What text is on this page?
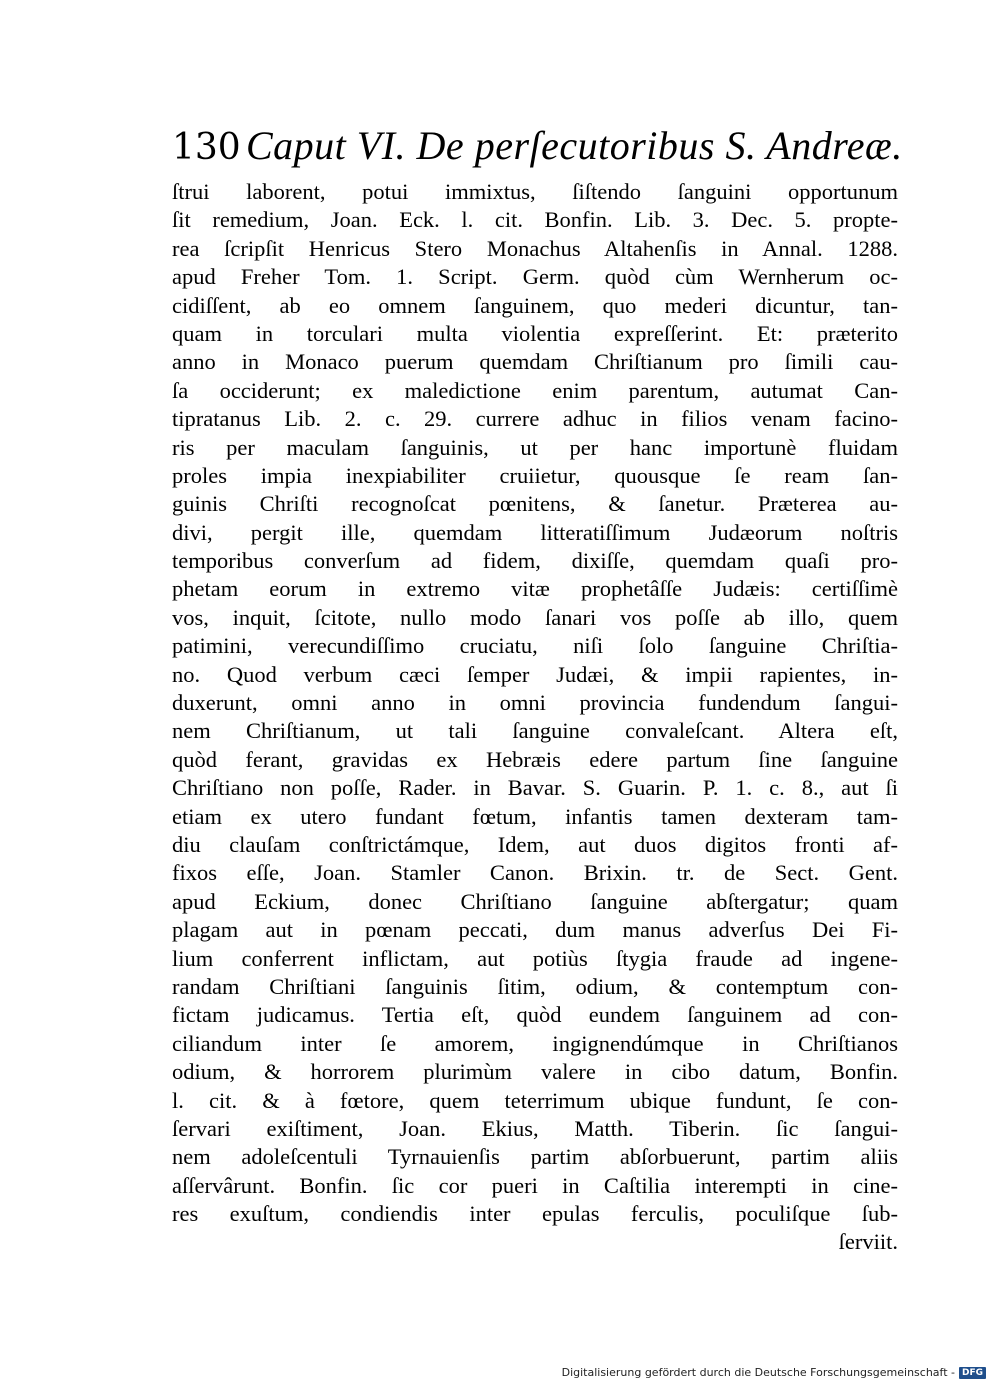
130 Caput VI. De perſecutoribus S. Andreæ.
ſtrui laborent, potui immixtus, ſiſtendo ſanguini opportunum
ſit remedium, Joan. Eck. l. cit. Bonfin. Lib. 3. Dec. 5. propte-
rea ſcripſit Henricus Stero Monachus Altahenſis in Annal. 1288.
apud Freher Tom. 1. Script. Germ. quòd cùm Wernherum oc-
cidiſſent, ab eo omnem ſanguinem, quo mederi dicuntur, tan-
quam in torculari multa violentia expreſſerint. Et: præterito
anno in Monaco puerum quemdam Chriſtianum pro ſimili cau-
ſa occiderunt; ex maledictione enim parentum, autumat Can-
tipratanus Lib. 2. c. 29. currere adhuc in filios venam facino-
ris per maculam ſanguinis, ut per hanc importunè fluidam
proles impia inexpiabiliter cruiietur, quousque ſe ream ſan-
guinis Chriſti recognoſcat pœnitens, & ſanetur. Præterea au-
divi, pergit ille, quemdam litteratiſſimum Judæorum noſtris
temporibus converſum ad fidem, dixiſſe, quemdam quaſi pro-
phetam eorum in extremo vitæ prophetâſſe Judæis: certiſſimè
vos, inquit, ſcitote, nullo modo ſanari vos poſſe ab illo, quem
patimini, verecundiſſimo cruciatu, niſi ſolo ſanguine Chriſtia-
no. Quod verbum cæci ſemper Judæi, & impii rapientes, in-
duxerunt, omni anno in omni provincia fundendum ſangui-
nem Chriſtianum, ut tali ſanguine convaleſcant. Altera eſt,
quòd ferant, gravidas ex Hebræis edere partum ſine ſanguine
Chriſtiano non poſſe, Rader. in Bavar. S. Guarin. P. 1. c. 8., aut ſi
etiam ex utero fundant fœtum, infantis tamen dexteram tam-
diu clauſam conſtrictámque, Idem, aut duos digitos fronti af-
fixos eſſe, Joan. Stamler Canon. Brixin. tr. de Sect. Gent.
apud Eckium, donec Chriſtiano ſanguine abſtergatur; quam
plagam aut in pœnam peccati, dum manus adverſus Dei Fi-
lium conferrent inflictam, aut potiùs ſtygia fraude ad ingene-
randam Chriſtiani ſanguinis ſitim, odium, & contemptum con-
fictam judicamus. Tertia eſt, quòd eundem ſanguinem ad con-
ciliandum inter ſe amorem, ingignendúmque in Chriſtianos
odium, & horrorem plurimùm valere in cibo datum, Bonfin.
l. cit. & à fœtore, quem teterrimum ubique fundunt, ſe con-
ſervari exiſtiment, Joan. Ekius, Matth. Tiberin. ſic ſangui-
nem adoleſcentuli Tyrnauienſis partim abſorbuerunt, partim aliis
aſſervârunt. Bonfin. ſic cor pueri in Caſtilia interempti in cine-
res exuſtum, condiendis inter epulas ferculis, poculiſque ſub-
ſerviit.
Digitalisierung gefördert durch die Deutsche Forschungsgemeinschaft - DFG
